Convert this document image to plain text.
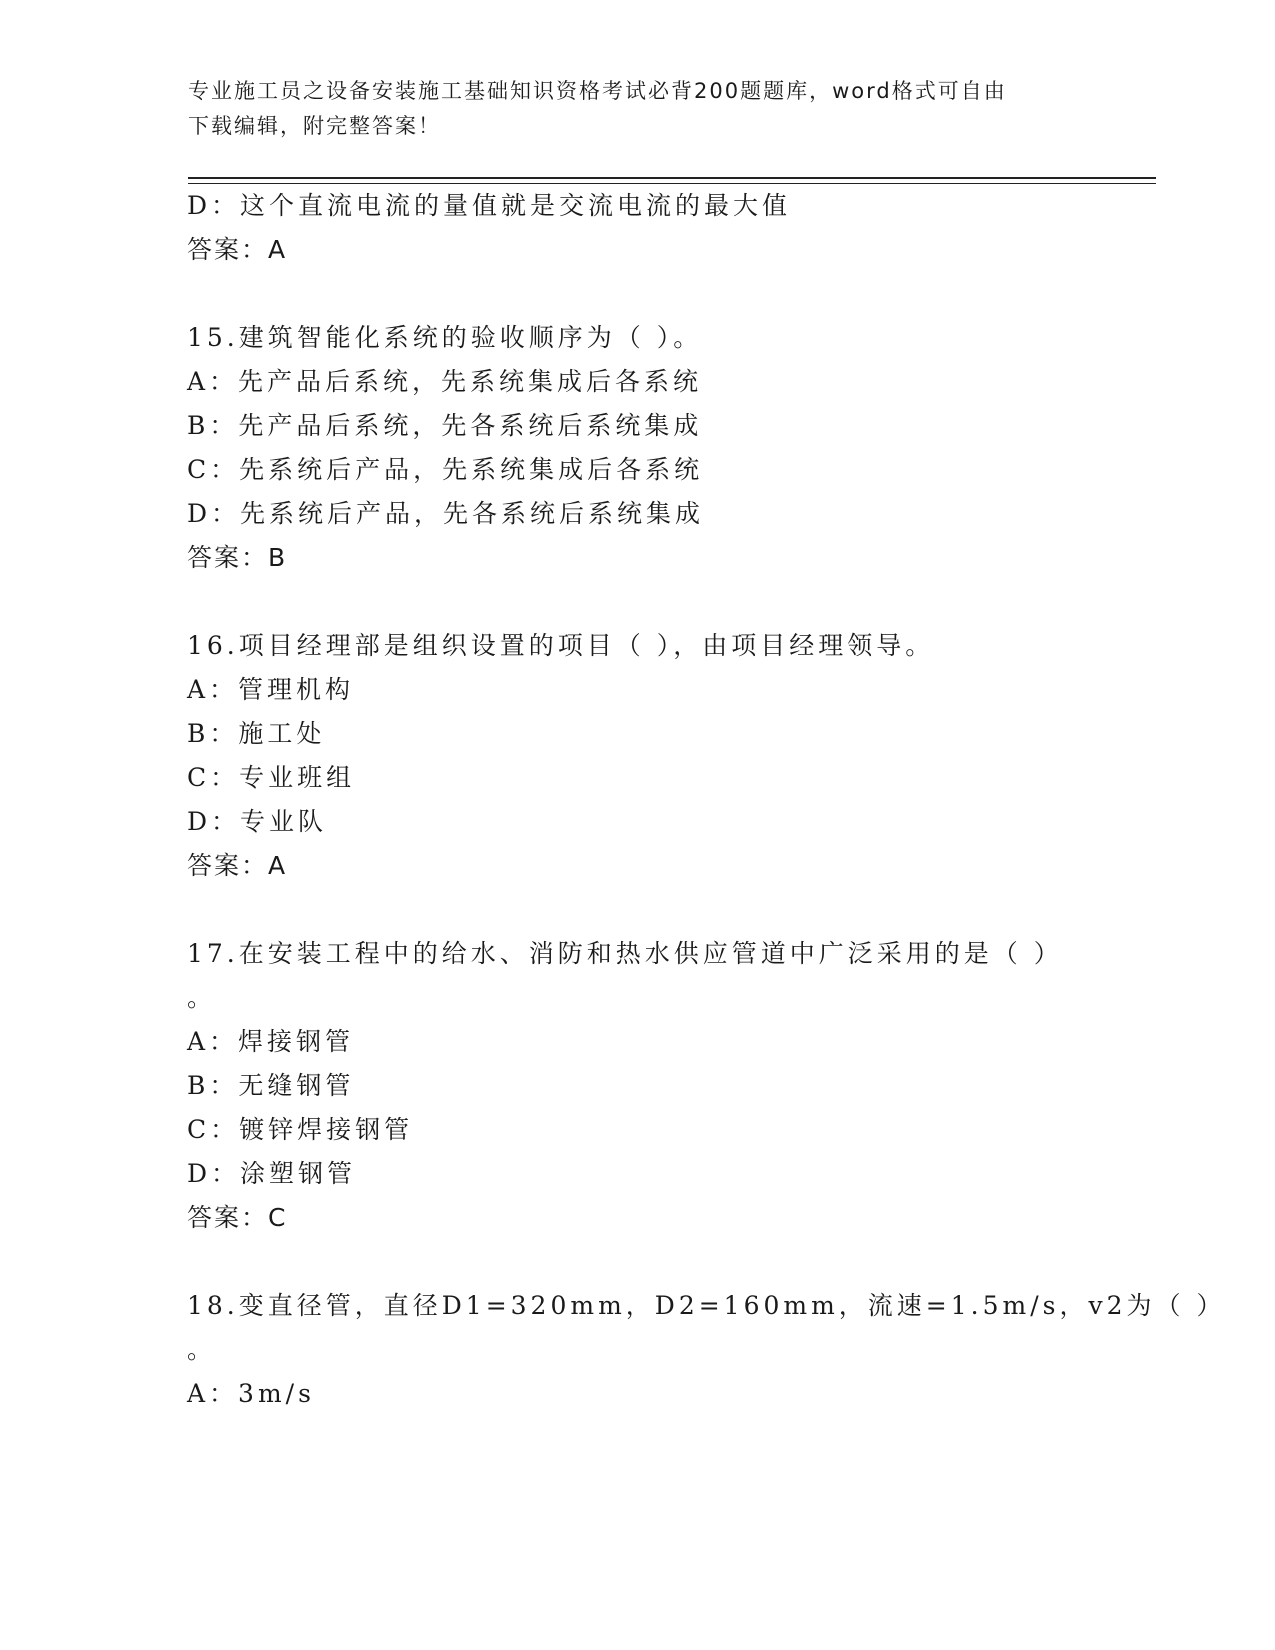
专业施工员之设备安装施工基础知识资格考试必背200题题库，word格式可自由
下载编辑，附完整答案！
D：这个直流电流的量值就是交流电流的最大值
答案：A
15.建筑智能化系统的验收顺序为（ ）。
A：先产品后系统，先系统集成后各系统
B：先产品后系统，先各系统后系统集成
C：先系统后产品，先系统集成后各系统
D：先系统后产品，先各系统后系统集成
答案：B
16.项目经理部是组织设置的项目（ ），由项目经理领导。
A：管理机构
B：施工处
C：专业班组
D：专业队
答案：A
17.在安装工程中的给水、消防和热水供应管道中广泛采用的是（ ）
。
A：焊接钢管
B：无缝钢管
C：镀锌焊接钢管
D：涂塑钢管
答案：C
18.变直径管，直径D1=320mm，D2=160mm，流速=1.5m/s，v2为（ ）
。
A：3m/s
